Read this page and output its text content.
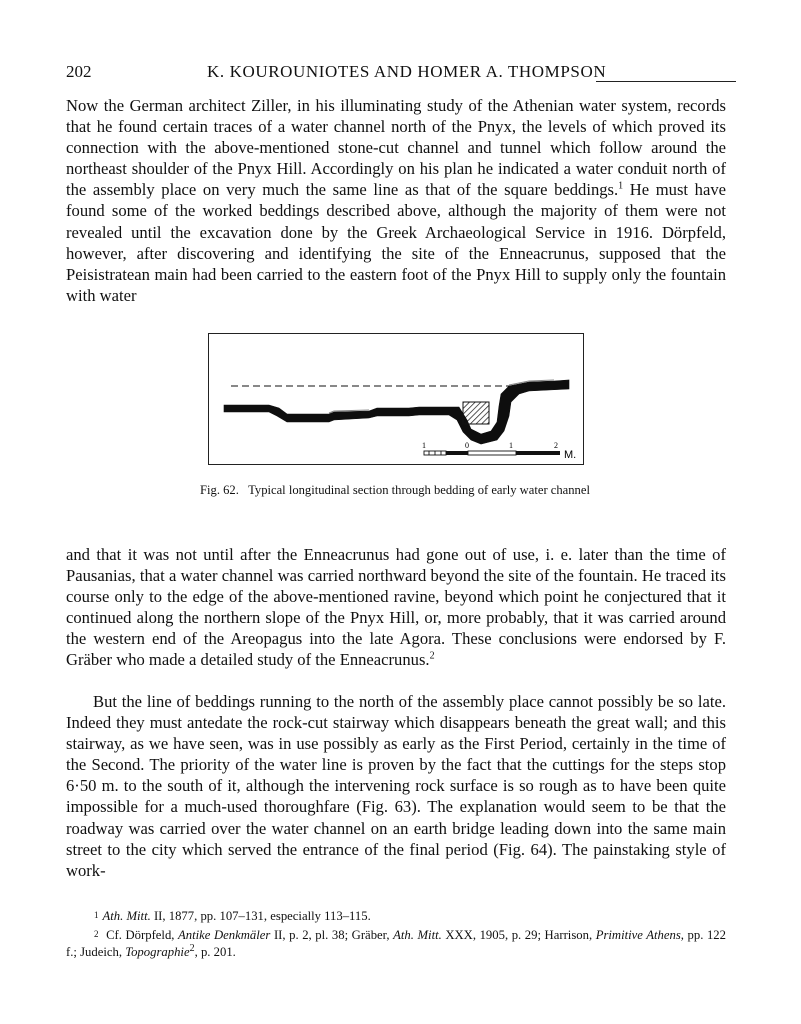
202	K. KOUROUNIOTES AND HOMER A. THOMPSON

Now the German architect Ziller, in his illuminating study of the Athenian water system, records that he found certain traces of a water channel north of the Pnyx, the levels of which proved its connection with the above-mentioned stone-cut channel and tunnel which follow around the northeast shoulder of the Pnyx Hill. Accordingly on his plan he indicated a water conduit north of the assembly place on very much the same line as that of the square beddings.$^1$ He must have found some of the worked beddings described above, although the majority of them were not revealed until the excavation done by the Greek Archaeological Service in 1916. Dörpfeld, however, after discovering and identifying the site of the Enneacrunus, supposed that the Peisistratean main had been carried to the eastern foot of the Pnyx Hill to supply only the fountain with water

1	0	1	2
M.
Fig. 62. Typical longitudinal section through bedding of early water channel

and that it was not until after the Enneacrunus had gone out of use, i. e. later than the time of Pausanias, that a water channel was carried northward beyond the site of the fountain. He traced its course only to the edge of the above-mentioned ravine, beyond which point he conjectured that it continued along the northern slope of the Pnyx Hill, or, more probably, that it was carried around the western end of the Areopagus into the late Agora. These conclusions were endorsed by F. Gräber who made a detailed study of the Enneacrunus.$^2$

But the line of beddings running to the north of the assembly place cannot possibly be so late. Indeed they must antedate the rock-cut stairway which disappears beneath the great wall; and this stairway, as we have seen, was in use possibly as early as the First Period, certainly in the time of the Second. The priority of the water line is proven by the fact that the cuttings for the steps stop 6·50 m. to the south of it, although the intervening rock surface is so rough as to have been quite impossible for a much-used thoroughfare (Fig. 63). The explanation would seem to be that the roadway was carried over the water channel on an earth bridge leading down into the same main street to the city which served the entrance of the final period (Fig. 64). The painstaking style of work-

$^1$ Ath. Mitt. II, 1877, pp. 107–131, especially 113–115.

$^2$ Cf. Dörpfeld, Antike Denkmäler II, p. 2, pl. 38; Gräber, Ath. Mitt. XXX, 1905, p. 29; Harrison, Primitive Athens, pp. 122 f.; Judeich, Topographie$^2$, p. 201.
